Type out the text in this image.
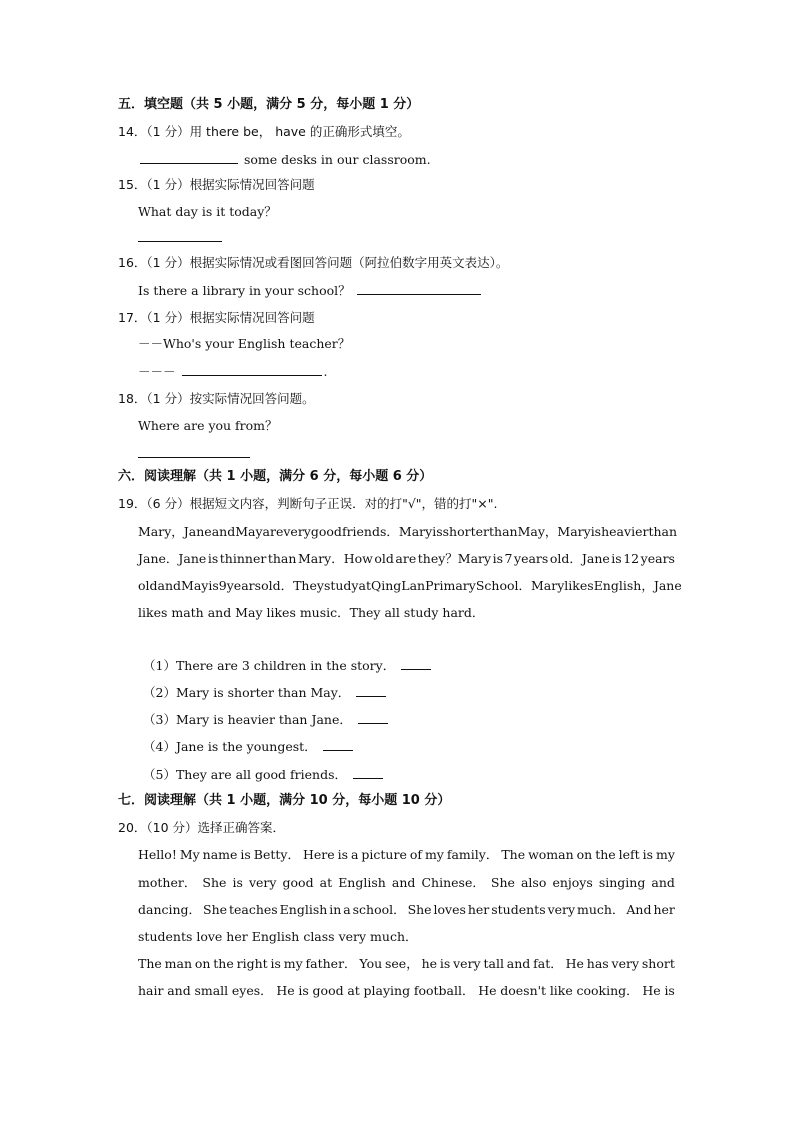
五．填空题（共 5 小题，满分 5 分，每小题 1 分）
14．（1 分）用 there be， have 的正确形式填空。
some desks in our classroom.
15．（1 分）根据实际情况回答问题
What day is it today？
16．（1 分）根据实际情况或看图回答问题（阿拉伯数字用英文表达）。
Is there a library in your school？
17．（1 分）根据实际情况回答问题
－－Who's your English teacher？
－－－	.
18．（1 分）按实际情况回答问题。
Where are you from？
六．阅读理解（共 1 小题，满分 6 分，每小题 6 分）
19．（6 分）根据短文内容，判断句子正误．对的打"√"，错的打"×".
Mary，Jane and May are very good friends．Mary is shorter than May，Mary is heavier than
Jane．Jane is thinner than Mary．How old are they？Mary is 7 years old．Jane is 12 years
old and May is 9 years old．They study at Qing Lan Primary School．Mary likes English，Jane
likes math and May likes music．They all study hard．
（1）There are 3 children in the story．
（2）Mary is shorter than May．
（3）Mary is heavier than Jane．
（4）Jane is the youngest．
（5）They are all good friends．
七．阅读理解（共 1 小题，满分 10 分，每小题 10 分）
20．（10 分）选择正确答案．
Hello! My name is Betty． Here is a picture of my family． The woman on the left is my
mother． She is very good at English and Chinese． She also enjoys singing and
dancing． She teaches English in a school． She loves her students very much． And her
students love her English class very much．
The man on the right is my father． You see， he is very tall and fat． He has very short
hair and small eyes． He is good at playing football． He doesn't like cooking． He is
